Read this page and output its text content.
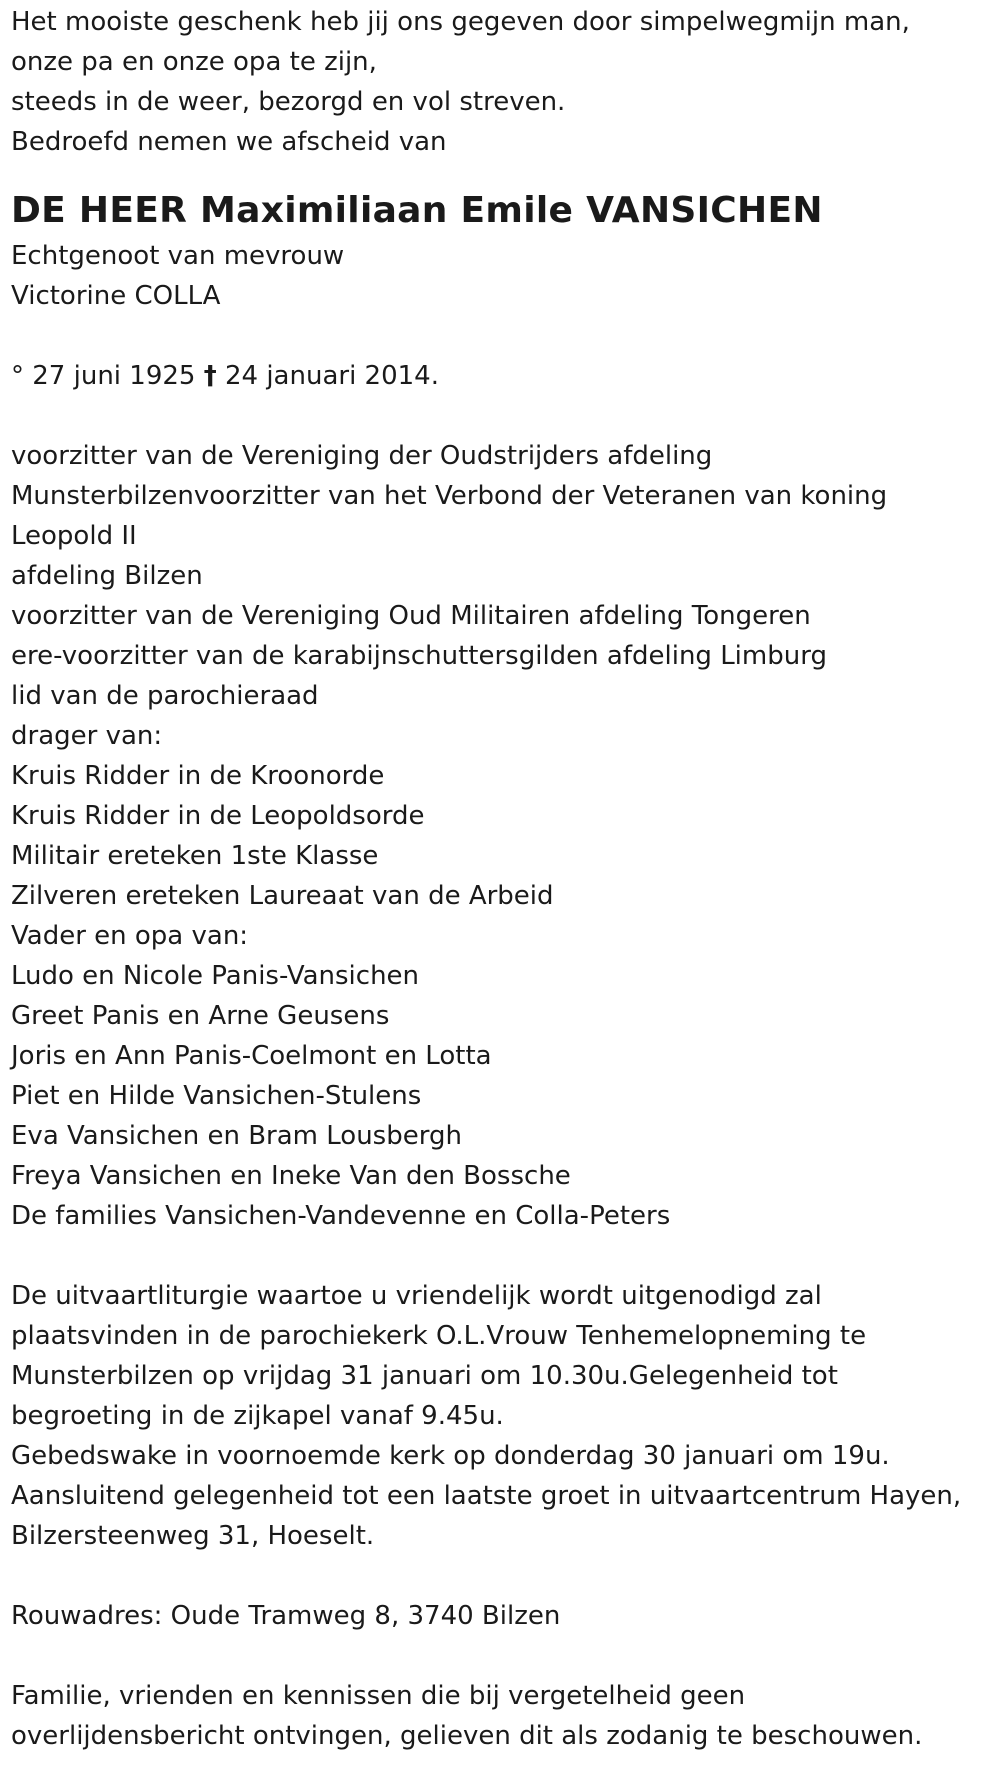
Het mooiste geschenk heb jij ons gegeven door simpelwegmijn man,
onze pa en onze opa te zijn,
steeds in de weer, bezorgd en vol streven.
Bedroefd nemen we afscheid van
DE HEER Maximiliaan Emile VANSICHEN
Echtgenoot van mevrouw
Victorine COLLA
° 27 juni 1925 † 24 januari 2014.
voorzitter van de Vereniging der Oudstrijders afdeling
Munsterbilzenvoorzitter van het Verbond der Veteranen van koning
Leopold II
afdeling Bilzen
voorzitter van de Vereniging Oud Militairen afdeling Tongeren
ere-voorzitter van de karabijnschuttersgilden afdeling Limburg
lid van de parochieraad
drager van:
Kruis Ridder in de Kroonorde
Kruis Ridder in de Leopoldsorde
Militair ereteken 1ste Klasse
Zilveren ereteken Laureaat van de Arbeid
Vader en opa van:
Ludo en Nicole Panis-Vansichen
Greet Panis en Arne Geusens
Joris en Ann Panis-Coelmont en Lotta
Piet en Hilde Vansichen-Stulens
Eva Vansichen en Bram Lousbergh
Freya Vansichen en Ineke Van den Bossche
De families Vansichen-Vandevenne en Colla-Peters
De uitvaartliturgie waartoe u vriendelijk wordt uitgenodigd zal
plaatsvinden in de parochiekerk O.L.Vrouw Tenhemelopneming te
Munsterbilzen op vrijdag 31 januari om 10.30u.Gelegenheid tot
begroeting in de zijkapel vanaf 9.45u.
Gebedswake in voornoemde kerk op donderdag 30 januari om 19u.
Aansluitend gelegenheid tot een laatste groet in uitvaartcentrum Hayen,
Bilzersteenweg 31, Hoeselt.
Rouwadres: Oude Tramweg 8, 3740 Bilzen
Familie, vrienden en kennissen die bij vergetelheid geen
overlijdensbericht ontvingen, gelieven dit als zodanig te beschouwen.
